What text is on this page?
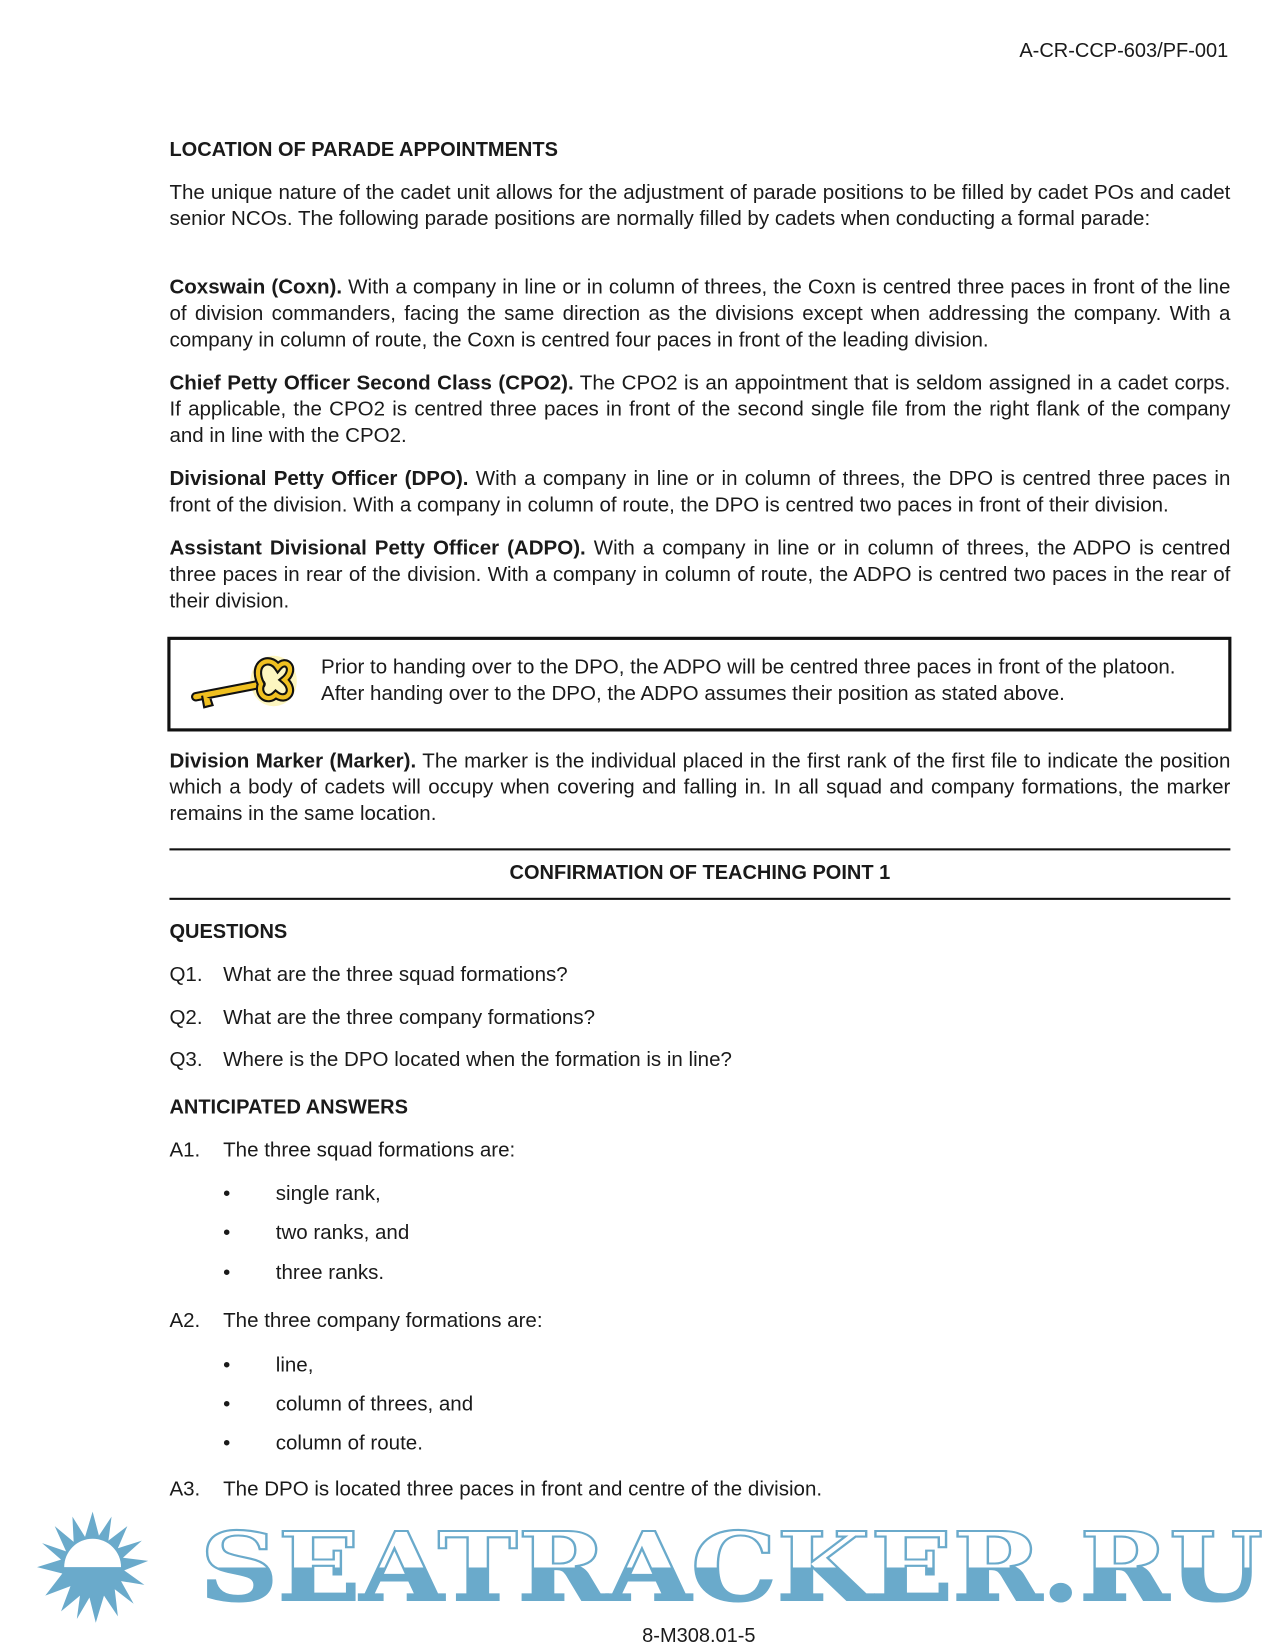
A-CR-CCP-603/PF-001
LOCATION OF PARADE APPOINTMENTS
The unique nature of the cadet unit allows for the adjustment of parade positions to be filled by cadet POs and cadet senior NCOs. The following parade positions are normally filled by cadets when conducting a formal parade:
Coxswain (Coxn). With a company in line or in column of threes, the Coxn is centred three paces in front of the line of division commanders, facing the same direction as the divisions except when addressing the company. With a company in column of route, the Coxn is centred four paces in front of the leading division.
Chief Petty Officer Second Class (CPO2). The CPO2 is an appointment that is seldom assigned in a cadet corps. If applicable, the CPO2 is centred three paces in front of the second single file from the right flank of the company and in line with the CPO2.
Divisional Petty Officer (DPO). With a company in line or in column of threes, the DPO is centred three paces in front of the division. With a company in column of route, the DPO is centred two paces in front of their division.
Assistant Divisional Petty Officer (ADPO). With a company in line or in column of threes, the ADPO is centred three paces in rear of the division. With a company in column of route, the ADPO is centred two paces in the rear of their division.
Prior to handing over to the DPO, the ADPO will be centred three paces in front of the platoon.
After handing over to the DPO, the ADPO assumes their position as stated above.
Division Marker (Marker). The marker is the individual placed in the first rank of the first file to indicate the position which a body of cadets will occupy when covering and falling in. In all squad and company formations, the marker remains in the same location.
CONFIRMATION OF TEACHING POINT 1
QUESTIONS
Q1. What are the three squad formations?
Q2. What are the three company formations?
Q3. Where is the DPO located when the formation is in line?
ANTICIPATED ANSWERS
A1. The three squad formations are:
• single rank,
• two ranks, and
• three ranks.
A2. The three company formations are:
• line,
• column of threes, and
• column of route.
A3. The DPO is located three paces in front and centre of the division.
SEATRACKER.RU
8-M308.01-5
